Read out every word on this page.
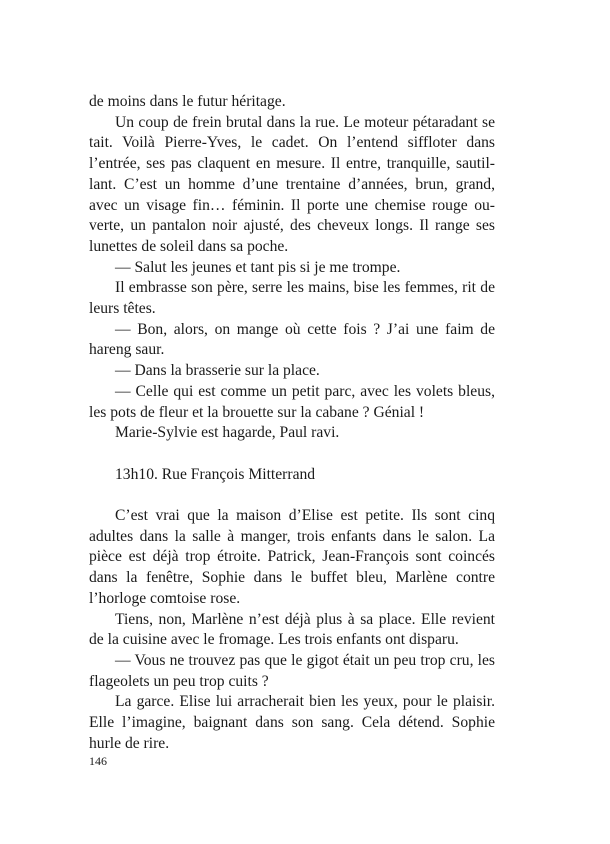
de moins dans le futur héritage.

Un coup de frein brutal dans la rue. Le moteur pétaradant se tait. Voilà Pierre-Yves, le cadet. On l’entend siffloter dans l’entrée, ses pas claquent en mesure. Il entre, tranquille, sautillant. C’est un homme d’une trentaine d’années, brun, grand, avec un visage fin… féminin. Il porte une chemise rouge ouverte, un pantalon noir ajusté, des cheveux longs. Il range ses lunettes de soleil dans sa poche.

— Salut les jeunes et tant pis si je me trompe.

Il embrasse son père, serre les mains, bise les femmes, rit de leurs têtes.

— Bon, alors, on mange où cette fois ? J’ai une faim de hareng saur.

— Dans la brasserie sur la place.

— Celle qui est comme un petit parc, avec les volets bleus, les pots de fleur et la brouette sur la cabane ? Génial !

Marie-Sylvie est hagarde, Paul ravi.

13h10. Rue François Mitterrand

C’est vrai que la maison d’Elise est petite. Ils sont cinq adultes dans la salle à manger, trois enfants dans le salon. La pièce est déjà trop étroite. Patrick, Jean-François sont coincés dans la fenêtre, Sophie dans le buffet bleu, Marlène contre l’horloge comtoise rose.

Tiens, non, Marlène n’est déjà plus à sa place. Elle revient de la cuisine avec le fromage. Les trois enfants ont disparu.

— Vous ne trouvez pas que le gigot était un peu trop cru, les flageolets un peu trop cuits ?

La garce. Elise lui arracherait bien les yeux, pour le plaisir. Elle l’imagine, baignant dans son sang. Cela détend. Sophie hurle de rire.

146
